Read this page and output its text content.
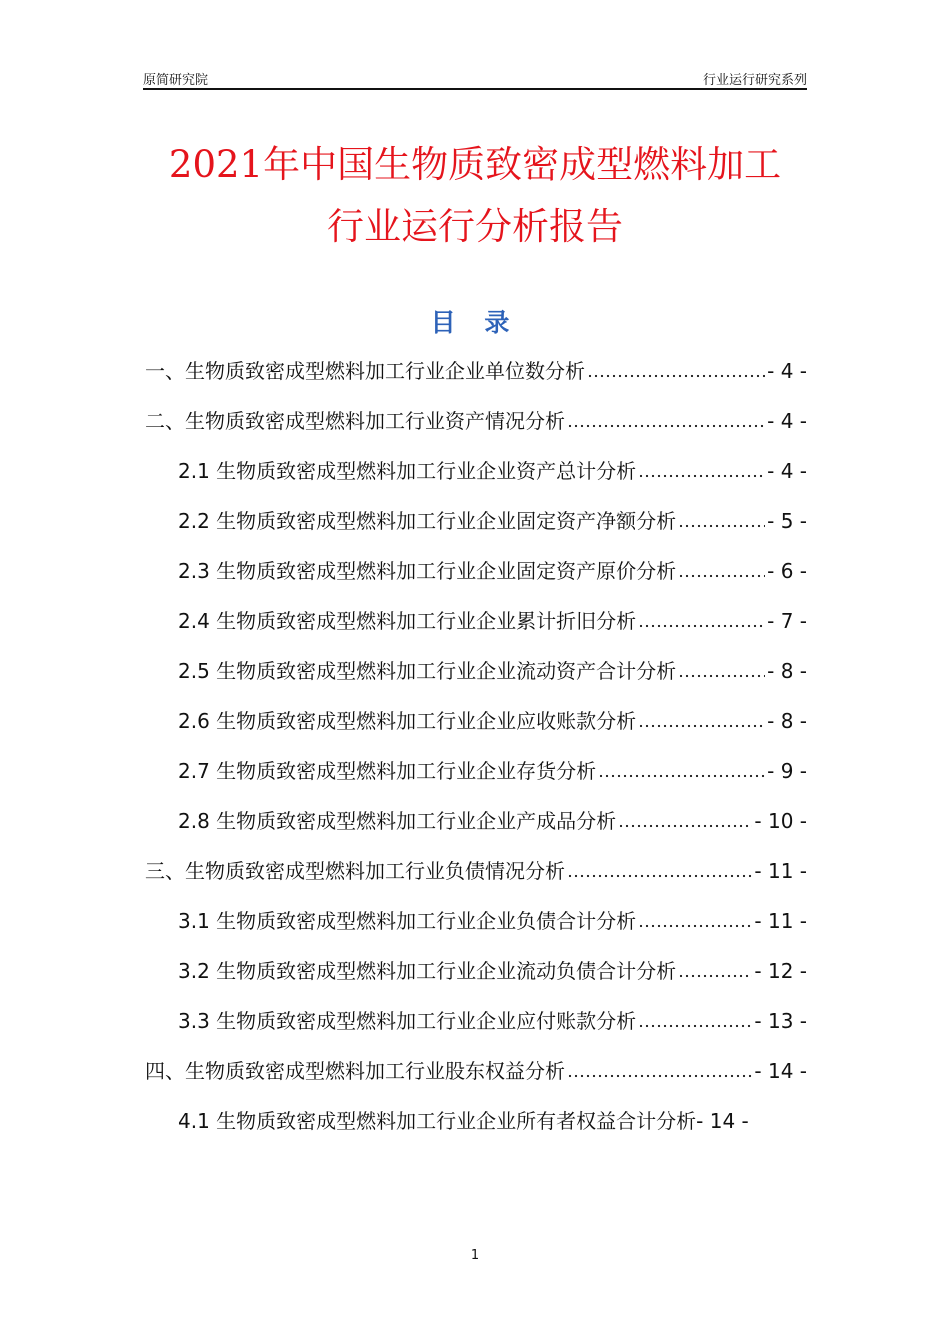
原简研究院	行业运行研究系列
2021年中国生物质致密成型燃料加工
行业运行分析报告
目 录
一、生物质致密成型燃料加工行业企业单位数分析	- 4 -
二、生物质致密成型燃料加工行业资产情况分析	- 4 -
2.1 生物质致密成型燃料加工行业企业资产总计分析	- 4 -
2.2 生物质致密成型燃料加工行业企业固定资产净额分析	- 5 -
2.3 生物质致密成型燃料加工行业企业固定资产原价分析	- 6 -
2.4 生物质致密成型燃料加工行业企业累计折旧分析	- 7 -
2.5 生物质致密成型燃料加工行业企业流动资产合计分析	- 8 -
2.6 生物质致密成型燃料加工行业企业应收账款分析	- 8 -
2.7 生物质致密成型燃料加工行业企业存货分析	- 9 -
2.8 生物质致密成型燃料加工行业企业产成品分析	- 10 -
三、生物质致密成型燃料加工行业负债情况分析	- 11 -
3.1 生物质致密成型燃料加工行业企业负债合计分析	- 11 -
3.2 生物质致密成型燃料加工行业企业流动负债合计分析	- 12 -
3.3 生物质致密成型燃料加工行业企业应付账款分析	- 13 -
四、生物质致密成型燃料加工行业股东权益分析	- 14 -
4.1 生物质致密成型燃料加工行业企业所有者权益合计分析- 14 -
1
